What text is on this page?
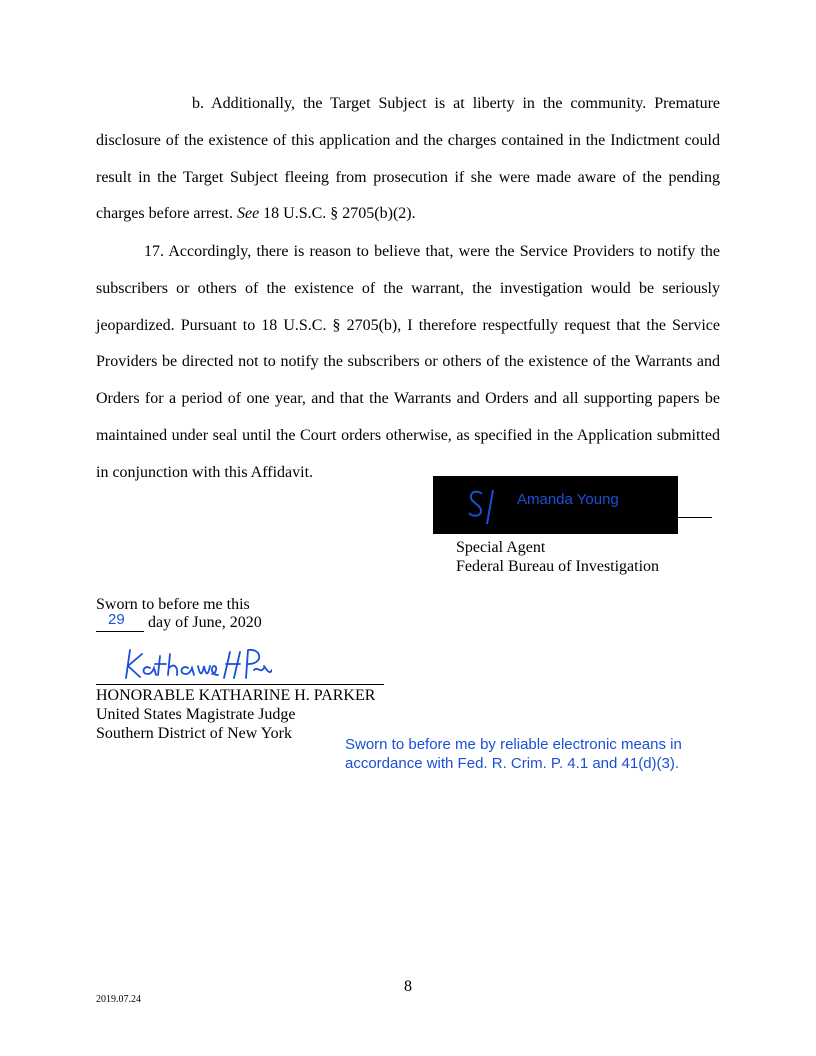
b. Additionally, the Target Subject is at liberty in the community. Premature disclosure of the existence of this application and the charges contained in the Indictment could result in the Target Subject fleeing from prosecution if she were made aware of the pending charges before arrest. See 18 U.S.C. § 2705(b)(2).

17. Accordingly, there is reason to believe that, were the Service Providers to notify the subscribers or others of the existence of the warrant, the investigation would be seriously jeopardized. Pursuant to 18 U.S.C. § 2705(b), I therefore respectfully request that the Service Providers be directed not to notify the subscribers or others of the existence of the Warrants and Orders for a period of one year, and that the Warrants and Orders and all supporting papers be maintained under seal until the Court orders otherwise, as specified in the Application submitted in conjunction with this Affidavit.

Amanda Young
Special Agent
Federal Bureau of Investigation
Sworn to before me this
29 day of June, 2020
HONORABLE KATHARINE H. PARKER
United States Magistrate Judge
Southern District of New York
Sworn to before me by reliable electronic means in accordance with Fed. R. Crim. P. 4.1 and 41(d)(3).
8
2019.07.24
